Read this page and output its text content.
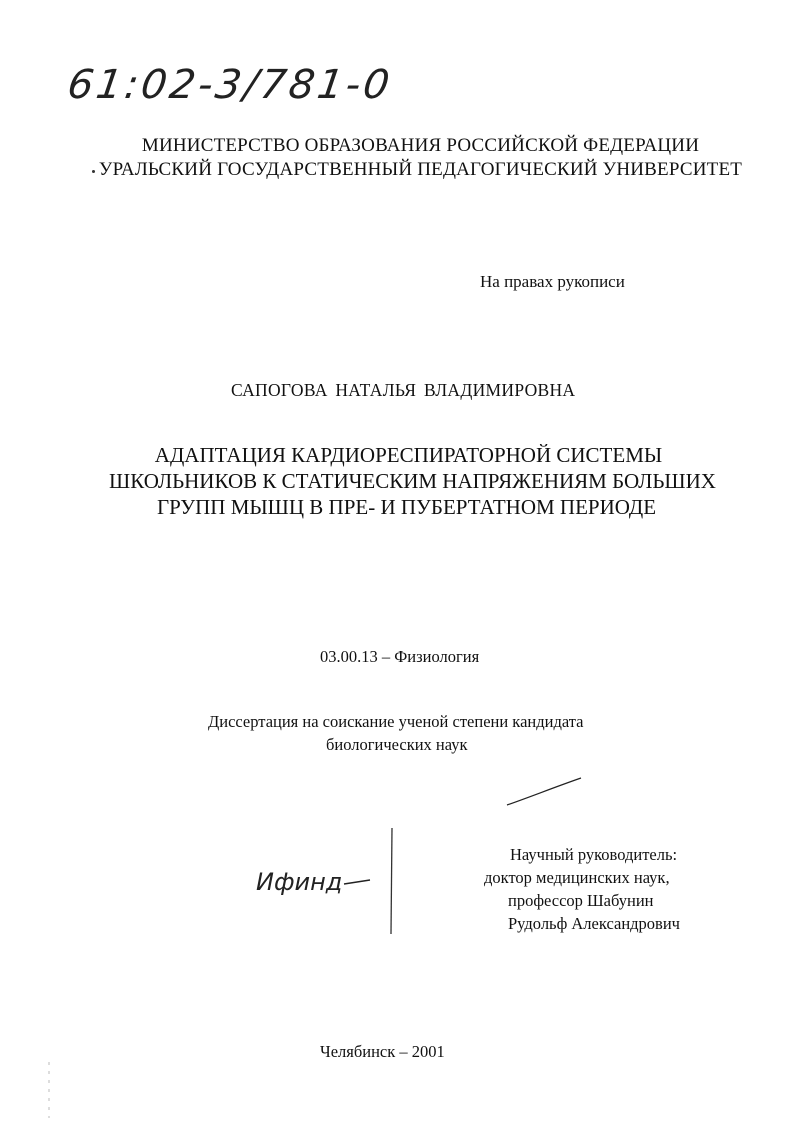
61:02-3/781-0
МИНИСТЕРСТВО ОБРАЗОВАНИЯ РОССИЙСКОЙ ФЕДЕРАЦИИ
УРАЛЬСКИЙ ГОСУДАРСТВЕННЫЙ ПЕДАГОГИЧЕСКИЙ УНИВЕРСИТЕТ
На правах рукописи
САПОГОВА НАТАЛЬЯ ВЛАДИМИРОВНА
АДАПТАЦИЯ КАРДИОРЕСПИРАТОРНОЙ СИСТЕМЫ
ШКОЛЬНИКОВ К СТАТИЧЕСКИМ НАПРЯЖЕНИЯМ БОЛЬШИХ
ГРУПП МЫШЦ В ПРЕ- И ПУБЕРТАТНОМ ПЕРИОДЕ
03.00.13 – Физиология
Диссертация на соискание ученой степени кандидата
биологических наук
Ифинд
Научный руководитель:
доктор медицинских наук,
профессор Шабунин
Рудольф Александрович
Челябинск – 2001
